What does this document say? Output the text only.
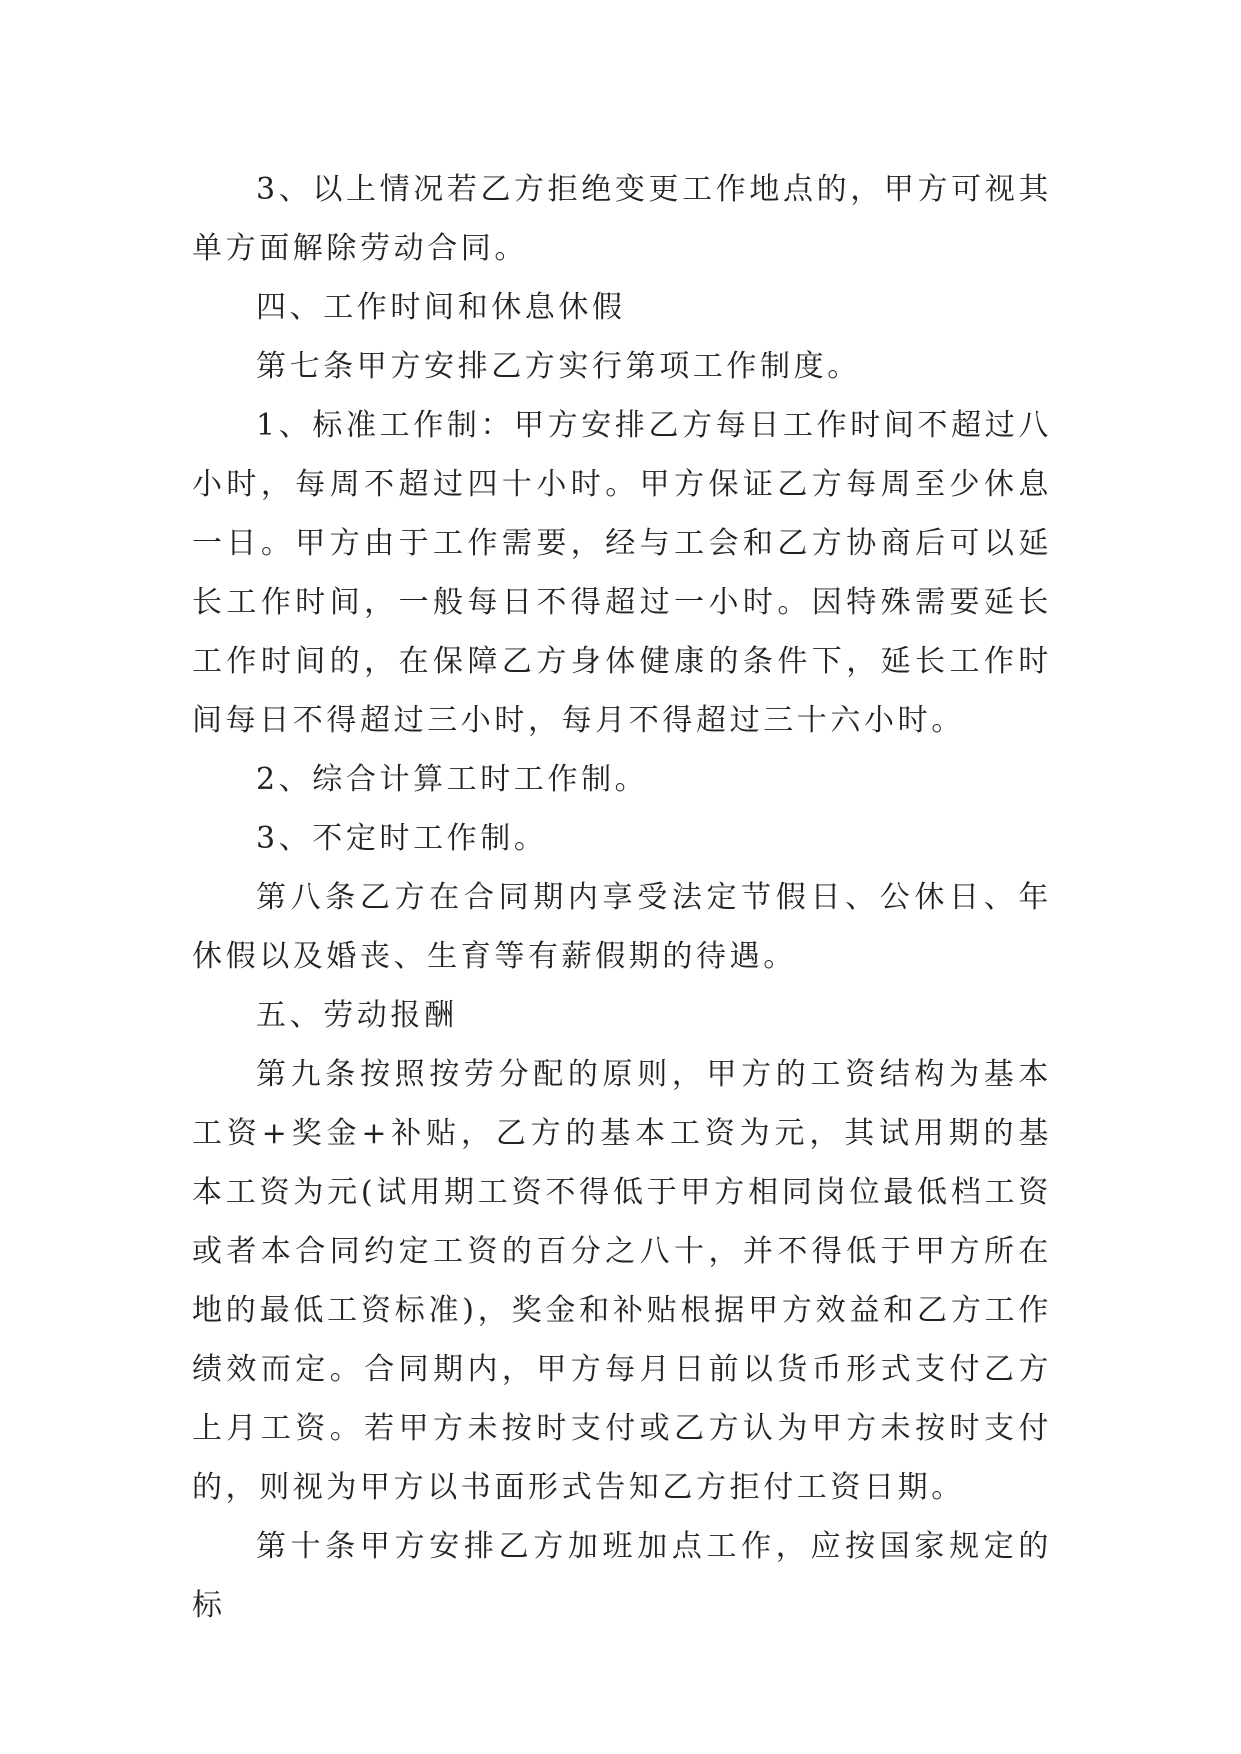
3、以上情况若乙方拒绝变更工作地点的，甲方可视其单方面解除劳动合同。

四、工作时间和休息休假

第七条甲方安排乙方实行第项工作制度。

1、标准工作制：甲方安排乙方每日工作时间不超过八小时，每周不超过四十小时。甲方保证乙方每周至少休息一日。甲方由于工作需要，经与工会和乙方协商后可以延长工作时间，一般每日不得超过一小时。因特殊需要延长工作时间的，在保障乙方身体健康的条件下，延长工作时间每日不得超过三小时，每月不得超过三十六小时。

2、综合计算工时工作制。

3、不定时工作制。

第八条乙方在合同期内享受法定节假日、公休日、年休假以及婚丧、生育等有薪假期的待遇。

五、劳动报酬

第九条按照按劳分配的原则，甲方的工资结构为基本工资+奖金+补贴，乙方的基本工资为元，其试用期的基本工资为元(试用期工资不得低于甲方相同岗位最低档工资或者本合同约定工资的百分之八十，并不得低于甲方所在地的最低工资标准)，奖金和补贴根据甲方效益和乙方工作绩效而定。合同期内，甲方每月日前以货币形式支付乙方上月工资。若甲方未按时支付或乙方认为甲方未按时支付的，则视为甲方以书面形式告知乙方拒付工资日期。

第十条甲方安排乙方加班加点工作，应按国家规定的标
